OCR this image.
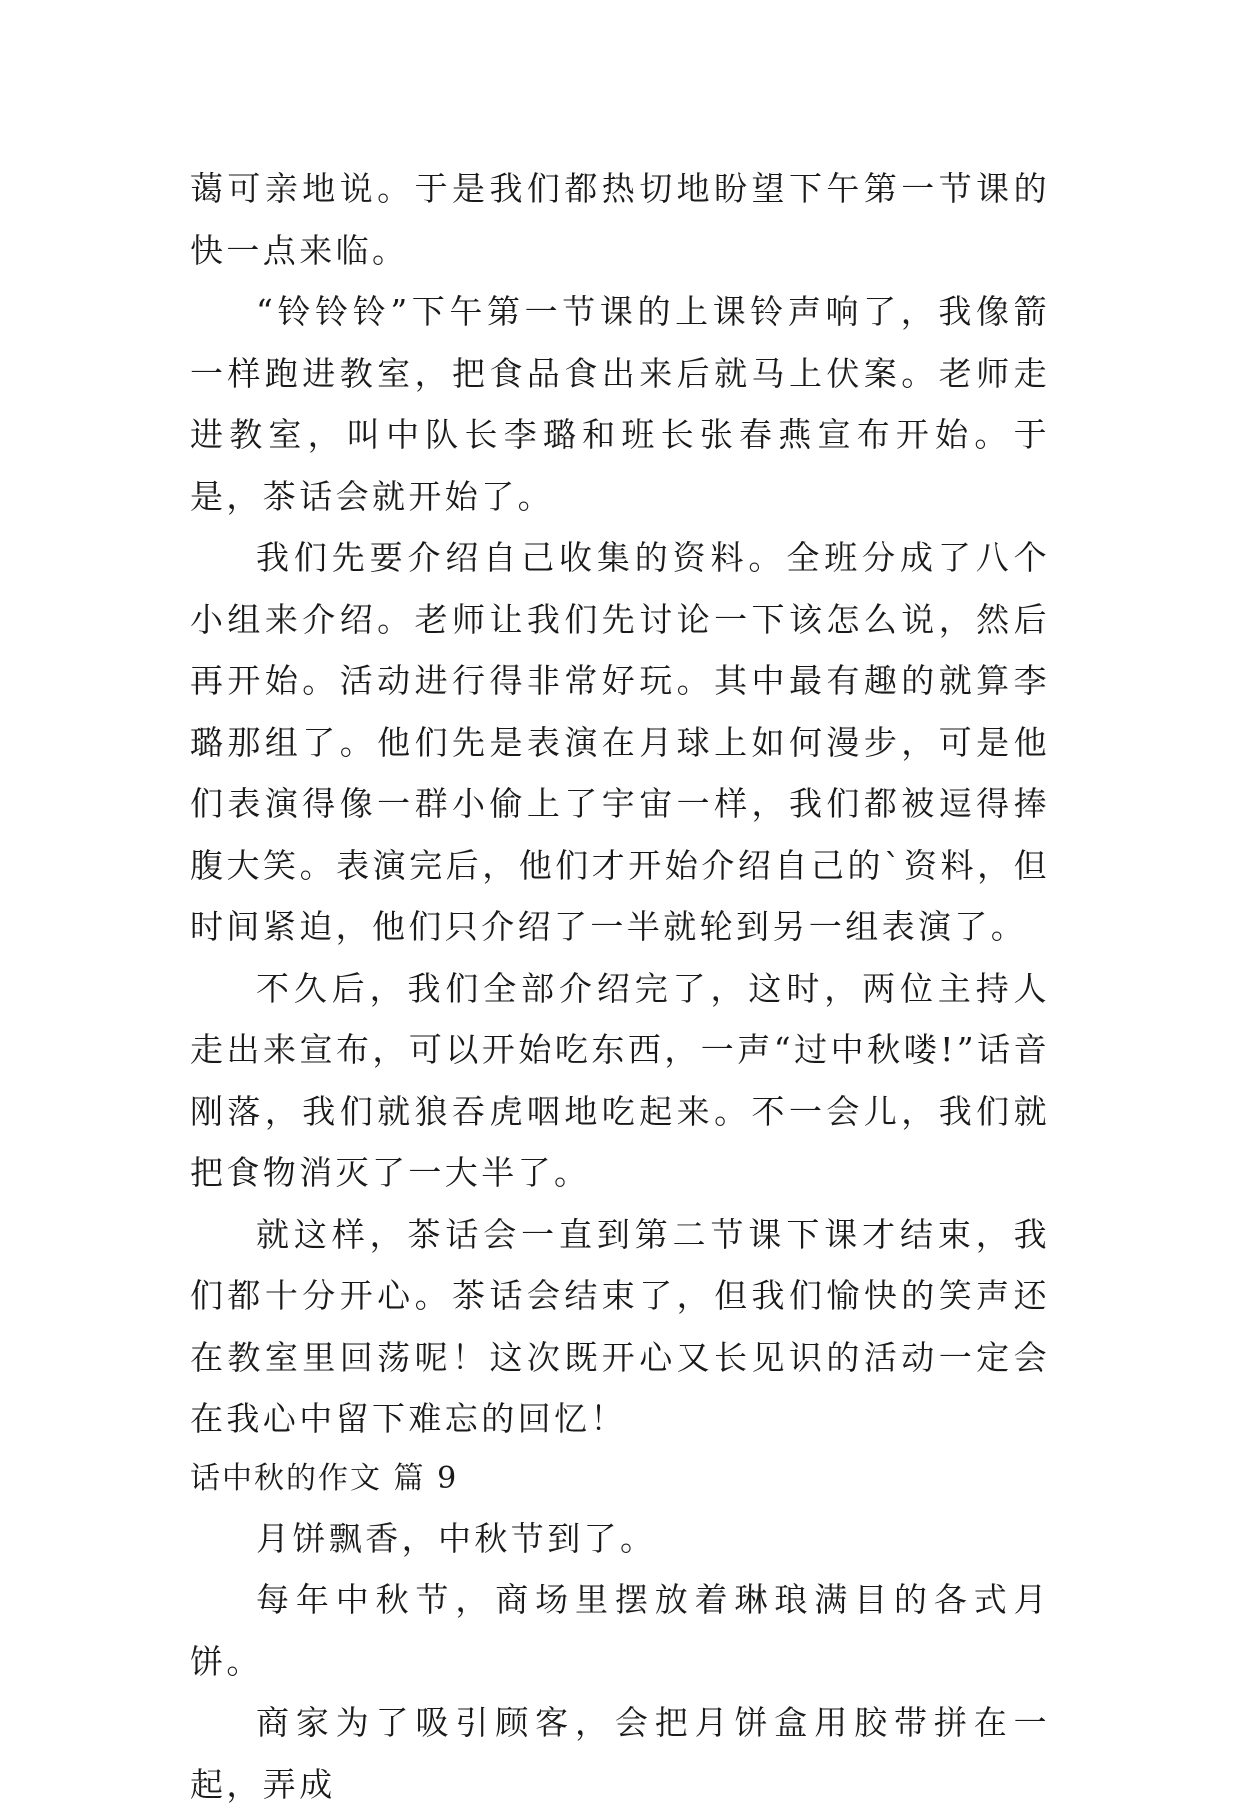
蔼可亲地说。于是我们都热切地盼望下午第一节课的快一点来临。

“铃铃铃”下午第一节课的上课铃声响了，我像箭一样跑进教室，把食品食出来后就马上伏案。老师走进教室，叫中队长李璐和班长张春燕宣布开始。于是，茶话会就开始了。

我们先要介绍自己收集的资料。全班分成了八个小组来介绍。老师让我们先讨论一下该怎么说，然后再开始。活动进行得非常好玩。其中最有趣的就算李璐那组了。他们先是表演在月球上如何漫步，可是他们表演得像一群小偷上了宇宙一样，我们都被逗得捧腹大笑。表演完后，他们才开始介绍自己的`资料，但时间紧迫，他们只介绍了一半就轮到另一组表演了。

不久后，我们全部介绍完了，这时，两位主持人走出来宣布，可以开始吃东西，一声“过中秋喽!”话音刚落，我们就狼吞虎咽地吃起来。不一会儿，我们就把食物消灭了一大半了。

就这样，茶话会一直到第二节课下课才结束，我们都十分开心。茶话会结束了，但我们愉快的笑声还在教室里回荡呢！这次既开心又长见识的活动一定会在我心中留下难忘的回忆！

话中秋的作文 篇 9

月饼飘香，中秋节到了。

每年中秋节，商场里摆放着琳琅满目的各式月饼。

商家为了吸引顾客，会把月饼盒用胶带拼在一起，弄成
